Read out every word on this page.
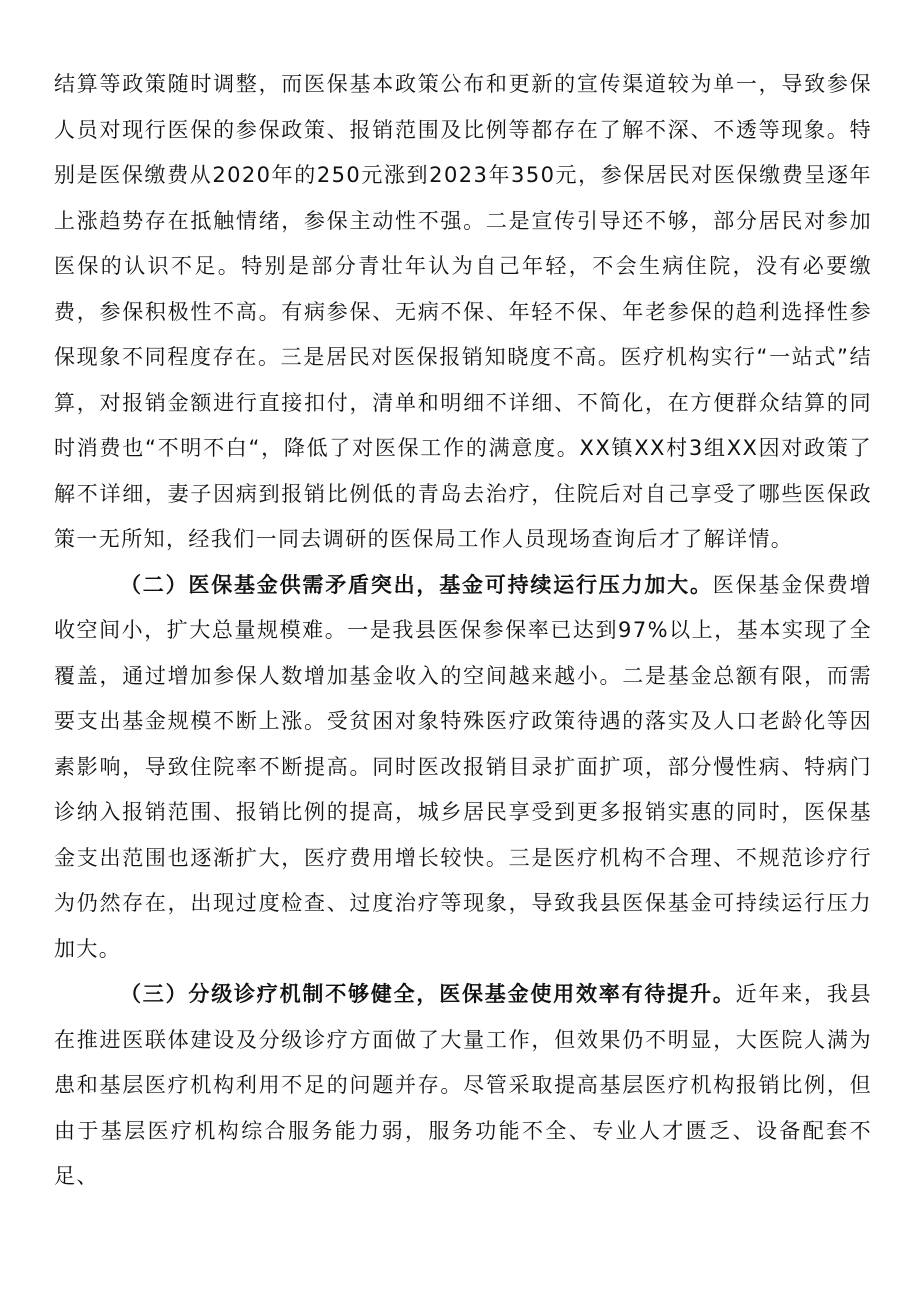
结算等政策随时调整，而医保基本政策公布和更新的宣传渠道较为单一，导致参保人员对现行医保的参保政策、报销范围及比例等都存在了解不深、不透等现象。特别是医保缴费从2020年的250元涨到2023年350元，参保居民对医保缴费呈逐年上涨趋势存在抵触情绪，参保主动性不强。二是宣传引导还不够，部分居民对参加医保的认识不足。特别是部分青壮年认为自己年轻，不会生病住院，没有必要缴费，参保积极性不高。有病参保、无病不保、年轻不保、年老参保的趋利选择性参保现象不同程度存在。三是居民对医保报销知晓度不高。医疗机构实行“一站式”结算，对报销金额进行直接扣付，清单和明细不详细、不简化，在方便群众结算的同时消费也“不明不白“，降低了对医保工作的满意度。XX镇XX村3组XX因对政策了解不详细，妻子因病到报销比例低的青岛去治疗，住院后对自己享受了哪些医保政策一无所知，经我们一同去调研的医保局工作人员现场查询后才了解详情。

（二）医保基金供需矛盾突出，基金可持续运行压力加大。医保基金保费增收空间小，扩大总量规模难。一是我县医保参保率已达到97%以上，基本实现了全覆盖，通过增加参保人数增加基金收入的空间越来越小。二是基金总额有限，而需要支出基金规模不断上涨。受贫困对象特殊医疗政策待遇的落实及人口老龄化等因素影响，导致住院率不断提高。同时医改报销目录扩面扩项，部分慢性病、特病门诊纳入报销范围、报销比例的提高，城乡居民享受到更多报销实惠的同时，医保基金支出范围也逐渐扩大，医疗费用增长较快。三是医疗机构不合理、不规范诊疗行为仍然存在，出现过度检查、过度治疗等现象，导致我县医保基金可持续运行压力加大。

（三）分级诊疗机制不够健全，医保基金使用效率有待提升。近年来，我县在推进医联体建设及分级诊疗方面做了大量工作，但效果仍不明显，大医院人满为患和基层医疗机构利用不足的问题并存。尽管采取提高基层医疗机构报销比例，但由于基层医疗机构综合服务能力弱，服务功能不全、专业人才匮乏、设备配套不足、
